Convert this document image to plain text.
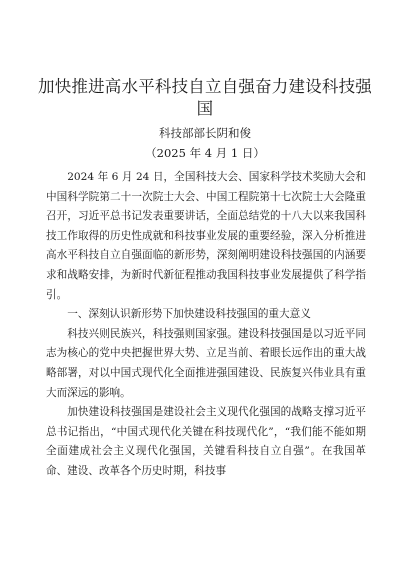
加快推进高水平科技自立自强奋力建设科技强国
科技部部长阴和俊
（2025 年 4 月 1 日）

2024 年 6 月 24 日，全国科技大会、国家科学技术奖励大会和中国科学院第二十一次院士大会、中国工程院第十七次院士大会隆重召开，习近平总书记发表重要讲话，全面总结党的十八大以来我国科技工作取得的历史性成就和科技事业发展的重要经验，深入分析推进高水平科技自立自强面临的新形势，深刻阐明建设科技强国的内涵要求和战略安排，为新时代新征程推动我国科技事业发展提供了科学指引。

一、深刻认识新形势下加快建设科技强国的重大意义

科技兴则民族兴，科技强则国家强。建设科技强国是以习近平同志为核心的党中央把握世界大势、立足当前、着眼长远作出的重大战略部署，对以中国式现代化全面推进强国建设、民族复兴伟业具有重大而深远的影响。

加快建设科技强国是建设社会主义现代化强国的战略支撑习近平总书记指出，“中国式现代化关键在科技现代化”，“我们能不能如期全面建成社会主义现代化强国，关键看科技自立自强”。在我国革命、建设、改革各个历史时期，科技事
